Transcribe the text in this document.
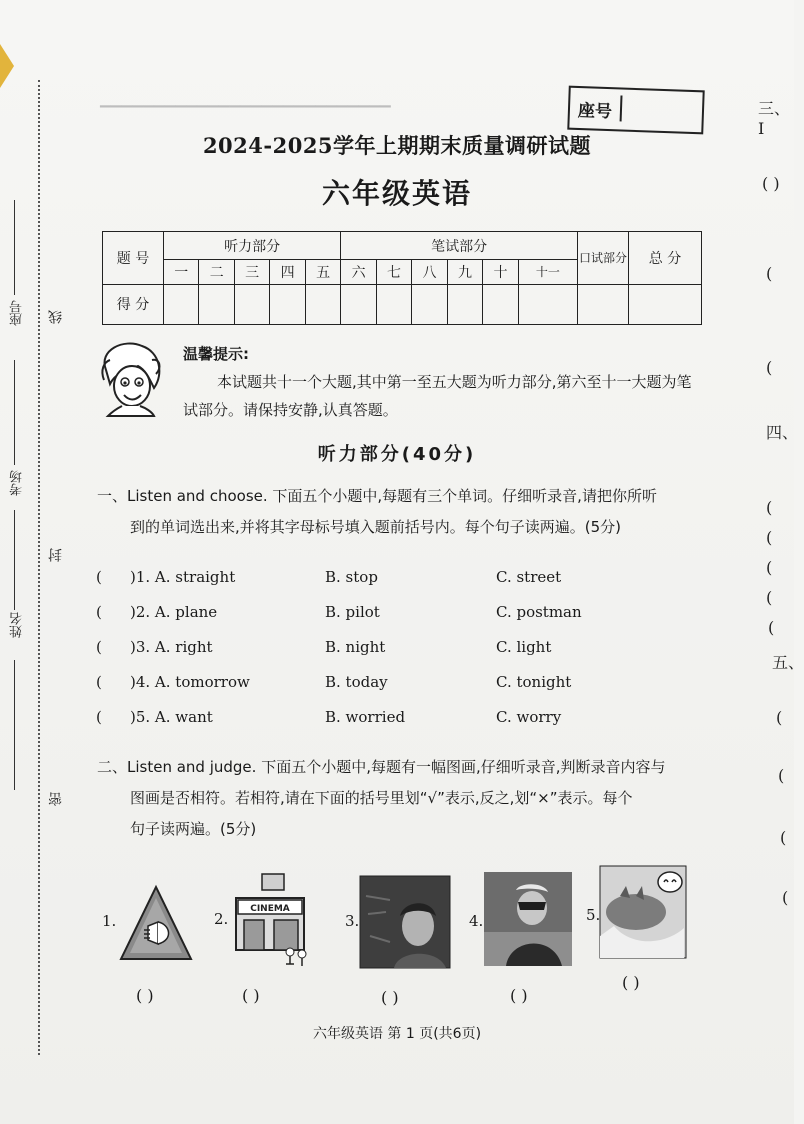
座号 线
考场
封
姓名
密
三、I
( )
(
(
四、
(
(
(
(
(
五、
(
(
(
(
▁▁▁▁▁▁▁▁▁▁▁▁▁▁▁▁▁▁▁▁▁▁▁▁▁▁▁
座号
2024-2025学年上期期末质量调研试题
六年级英语
题 号	听力部分					笔试部分						口试部分	总 分
	一	二	三	四	五	六	七	八	九	十	十一		
得 分													
温馨提示:
本试题共十一个大题,其中第一至五大题为听力部分,第六至十一大题为笔试部分。请保持安静,认真答题。
听力部分(40分)
一、Listen and choose. 下面五个小题中,每题有三个单词。仔细听录音,请把你所听
到的单词选出来,并将其字母标号填入题前括号内。每个句子读两遍。(5分)
( )1. A. straight	B. stop	C. street
( )2. A. plane	B. pilot	C. postman
( )3. A. right	B. night	C. light
( )4. A. tomorrow	B. today	C. tonight
( )5. A. want	B. worried	C. worry
二、Listen and judge. 下面五个小题中,每题有一幅图画,仔细听录音,判断录音内容与
图画是否相符。若相符,请在下面的括号里划“√”表示,反之,划“×”表示。每个
句子读两遍。(5分)
1.
( )
2.
CINEMA
( )
3.
( )
4.
( )
5.
( )
六年级英语 第 1 页(共6页)
